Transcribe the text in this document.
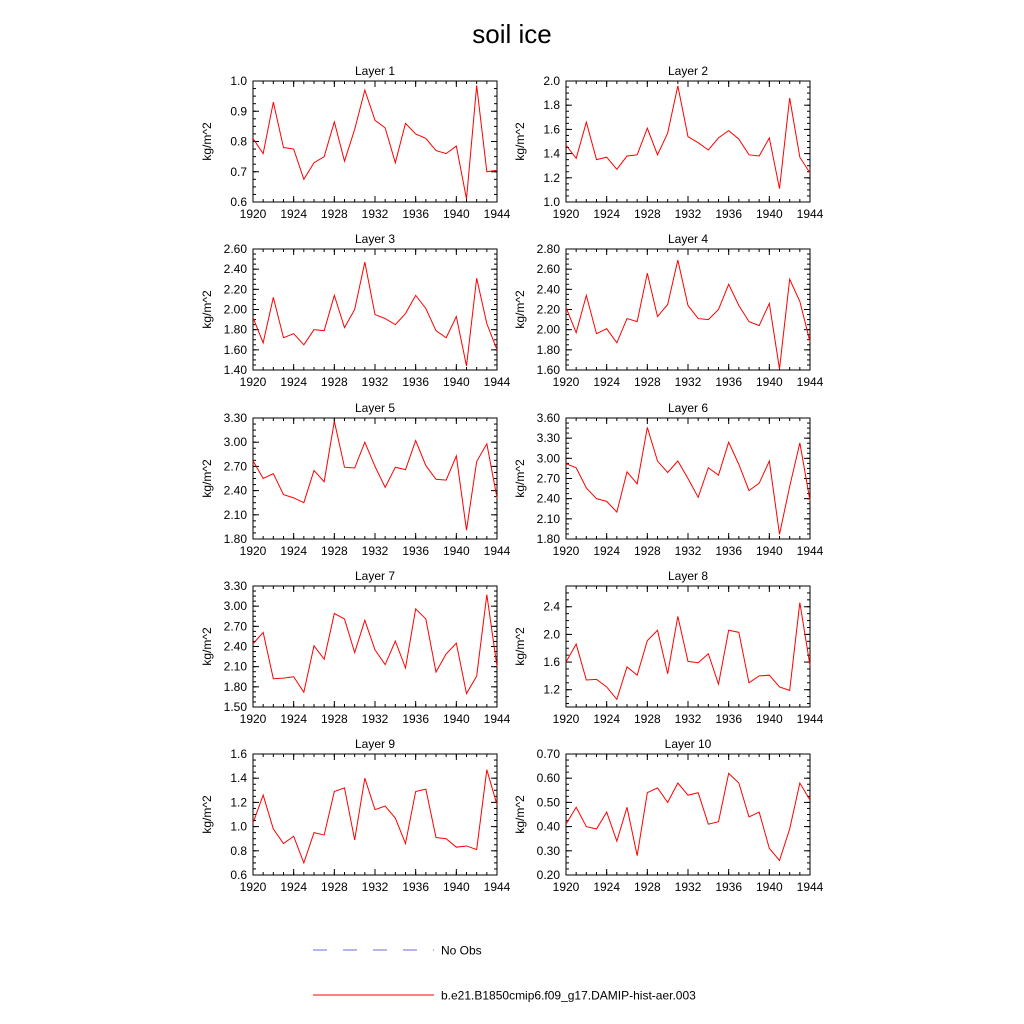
soil ice
Layer 1
kg/m^2
1920 1924 1928 1932 1936 1940 1944
0.6
0.7
0.8
0.9
1.0
Layer 2
kg/m^2
1920 1924 1928 1932 1936 1940 1944
1.0
1.2
1.4
1.6
1.8
2.0
Layer 3
kg/m^2
1920 1924 1928 1932 1936 1940 1944
1.40
1.60
1.80
2.00
2.20
2.40
2.60
Layer 4
kg/m^2
1920 1924 1928 1932 1936 1940 1944
1.60
1.80
2.00
2.20
2.40
2.60
2.80
Layer 5
kg/m^2
1920 1924 1928 1932 1936 1940 1944
1.80
2.10
2.40
2.70
3.00
3.30
Layer 6
kg/m^2
1920 1924 1928 1932 1936 1940 1944
1.80
2.10
2.40
2.70
3.00
3.30
3.60
Layer 7
kg/m^2
1920 1924 1928 1932 1936 1940 1944
1.50
1.80
2.10
2.40
2.70
3.00
3.30
Layer 8
kg/m^2
1920 1924 1928 1932 1936 1940 1944
1.2
1.6
2.0
2.4
Layer 9
kg/m^2
1920 1924 1928 1932 1936 1940 1944
0.6
0.8
1.0
1.2
1.4
1.6
Layer 10
kg/m^2
1920 1924 1928 1932 1936 1940 1944
0.20
0.30
0.40
0.50
0.60
0.70
No Obs
b.e21.B1850cmip6.f09_g17.DAMIP-hist-aer.003
